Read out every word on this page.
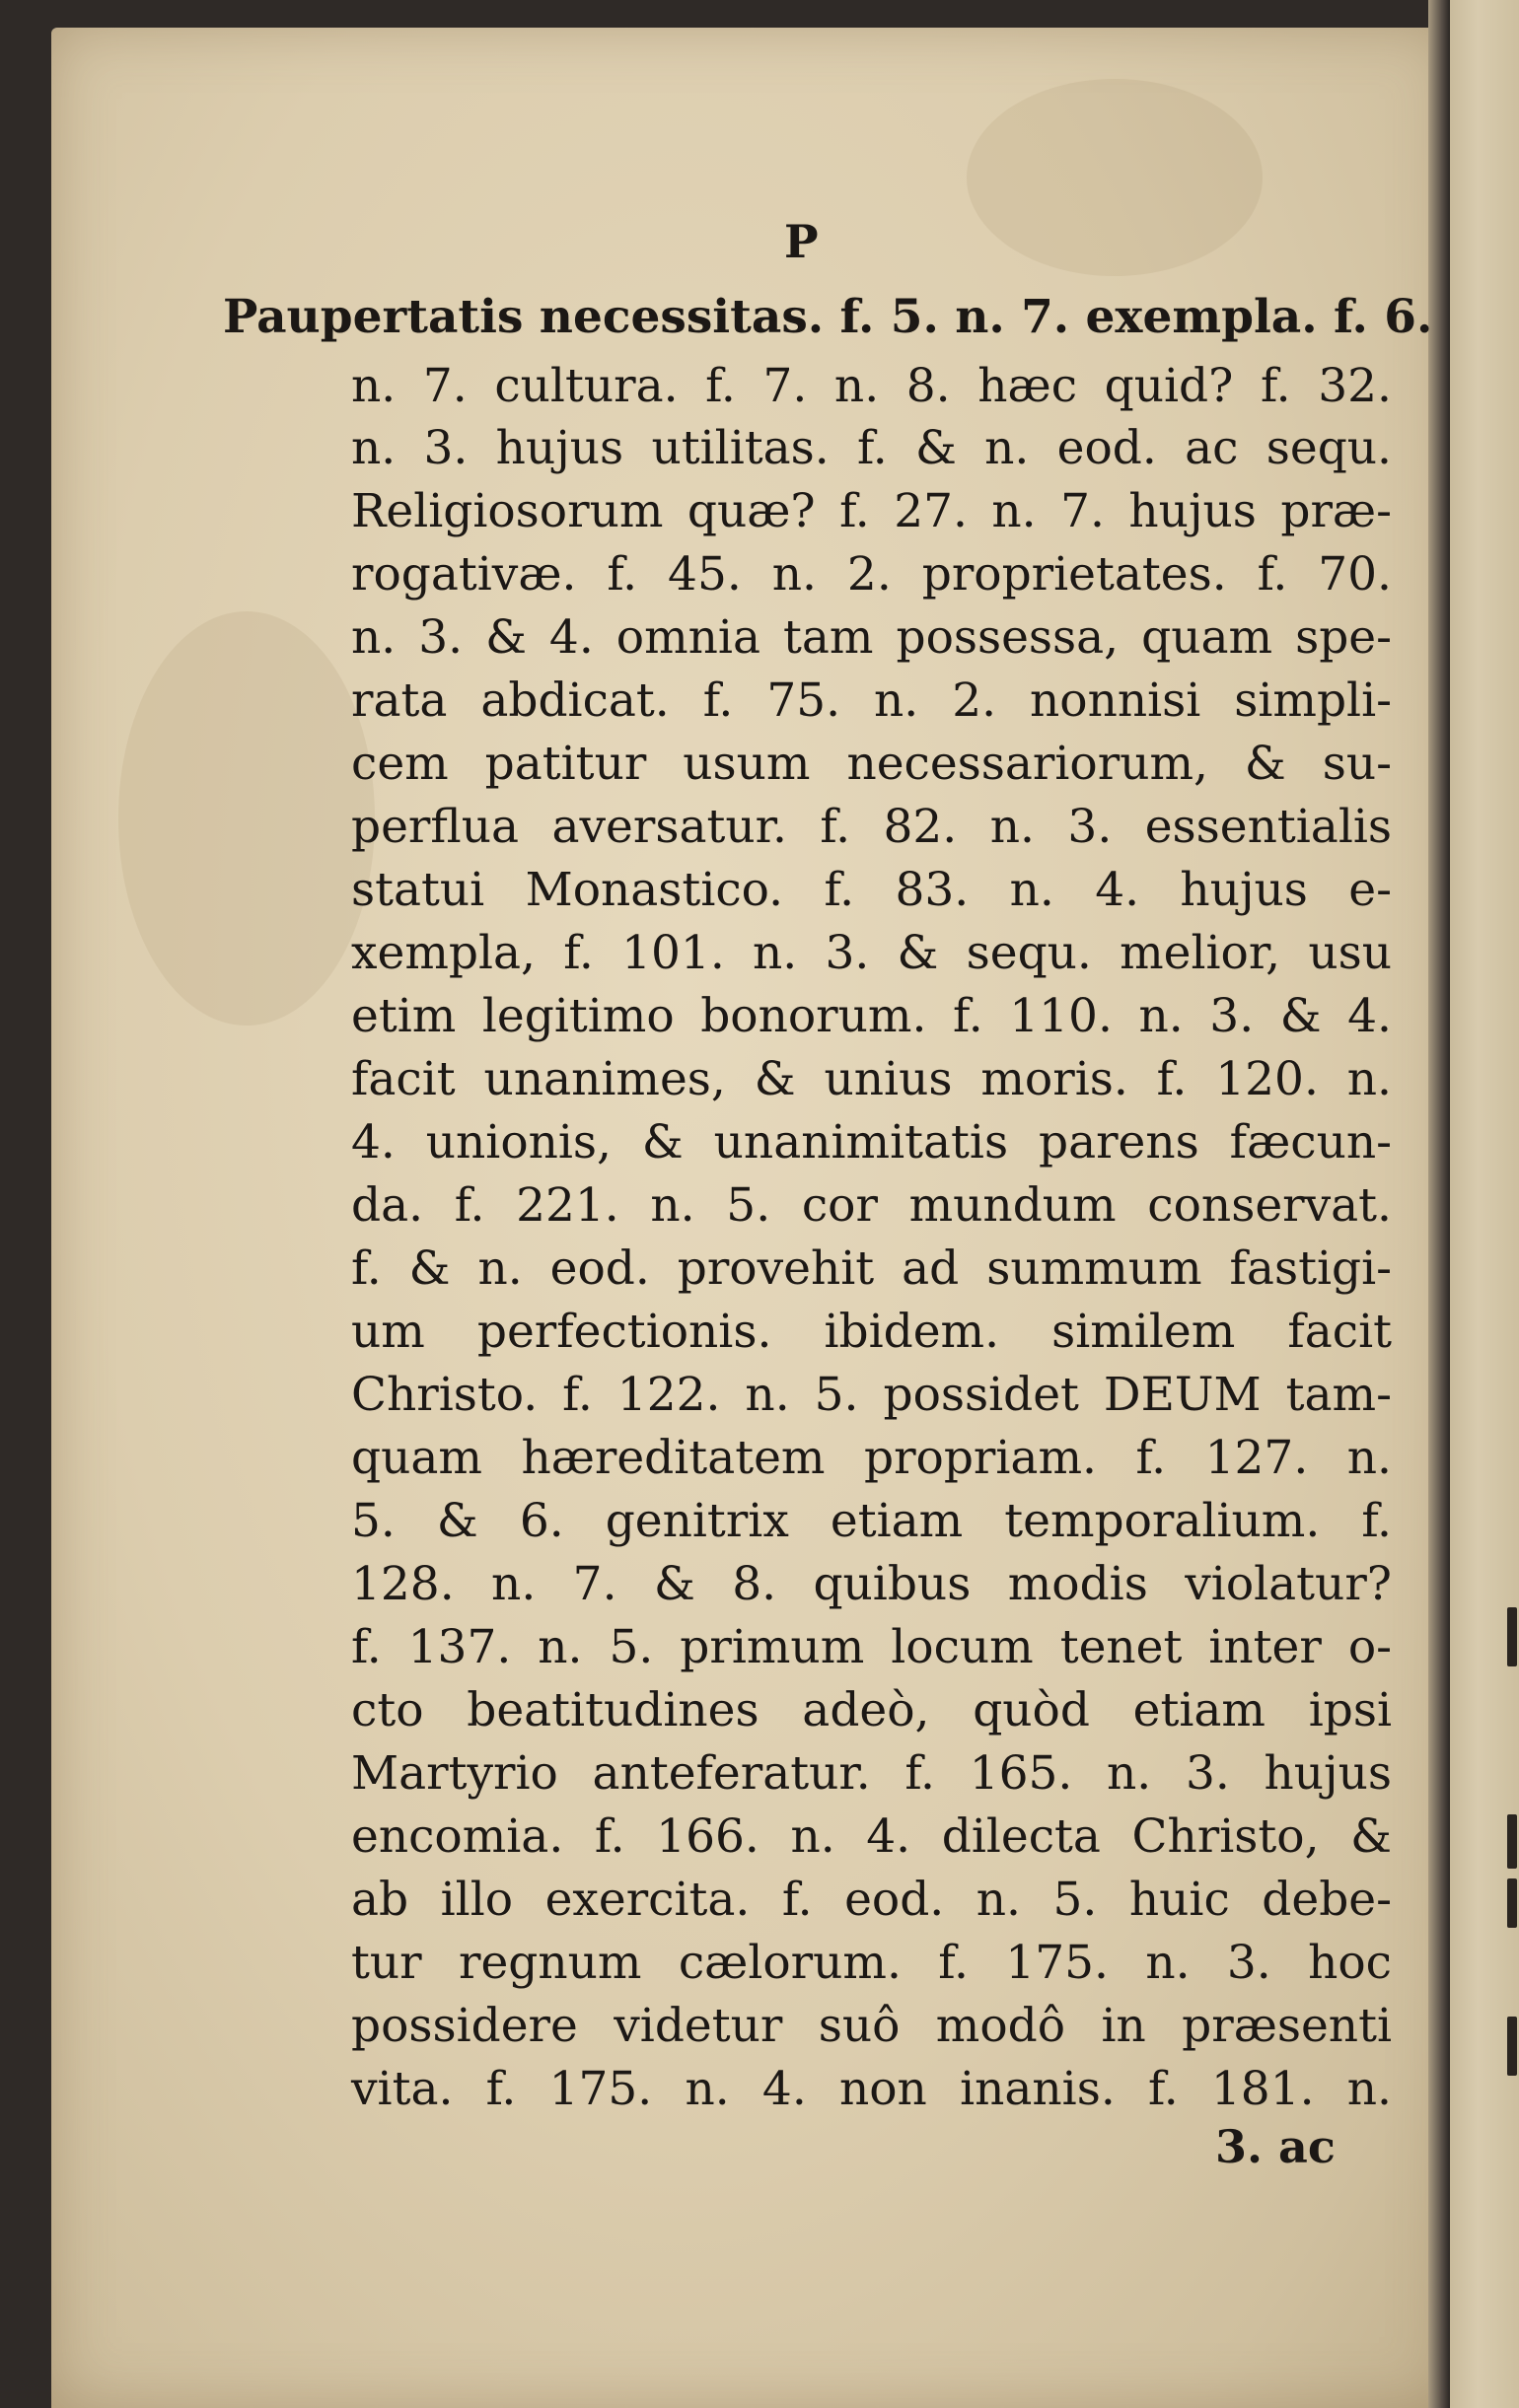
P
Paupertatis necessitas. f. 5. n. 7. exempla. f. 6.
n. 7. cultura. f. 7. n. 8. hæc quid? f. 32.
n. 3. hujus utilitas. f. & n. eod. ac sequ.
Religiosorum quæ? f. 27. n. 7. hujus præ-
rogativæ. f. 45. n. 2. proprietates. f. 70.
n. 3. & 4. omnia tam possessa, quam spe-
rata abdicat. f. 75. n. 2. nonnisi simpli-
cem patitur usum necessariorum, & su-
perflua aversatur. f. 82. n. 3. essentialis
statui Monastico. f. 83. n. 4. hujus e-
xempla, f. 101. n. 3. & sequ. melior, usu
etim legitimo bonorum. f. 110. n. 3. & 4.
facit unanimes, & unius moris. f. 120. n.
4. unionis, & unanimitatis parens fæcun-
da. f. 221. n. 5. cor mundum conservat.
f. & n. eod. provehit ad summum fastigi-
um perfectionis. ibidem. similem facit
Christo. f. 122. n. 5. possidet DEUM tam-
quam hæreditatem propriam. f. 127. n.
5. & 6. genitrix etiam temporalium. f.
128. n. 7. & 8. quibus modis violatur?
f. 137. n. 5. primum locum tenet inter o-
cto beatitudines adeò, quòd etiam ipsi
Martyrio anteferatur. f. 165. n. 3. hujus
encomia. f. 166. n. 4. dilecta Christo, &
ab illo exercita. f. eod. n. 5. huic debe-
tur regnum cælorum. f. 175. n. 3. hoc
possidere videtur suô modô in præsenti
vita. f. 175. n. 4. non inanis. f. 181. n.
3. ac
